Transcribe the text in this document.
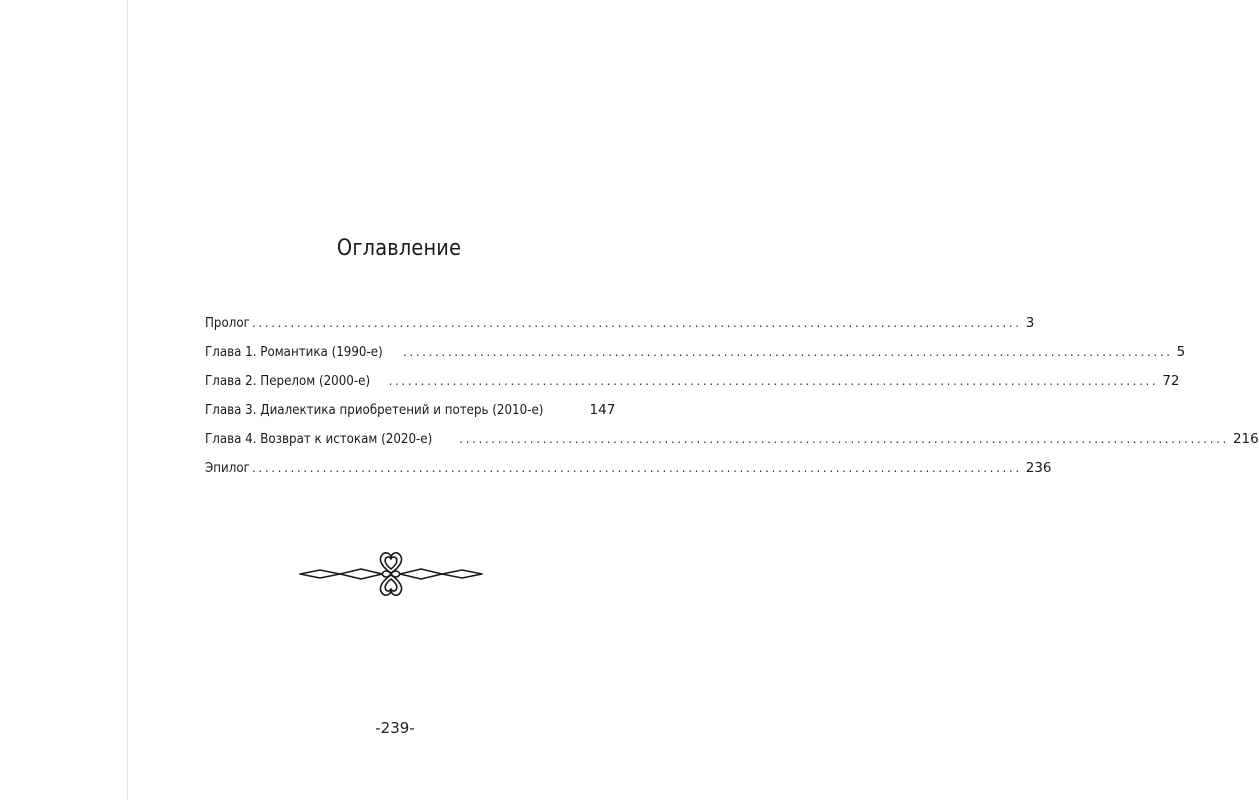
Оглавление
Пролог ........................................................................................................................ 3
Глава 1. Романтика (1990-е) ........................................................................................................................ 5
Глава 2. Перелом (2000-е) ........................................................................................................................ 72
Глава 3. Диалектика приобретений и потерь (2010-е)	147
Глава 4. Возврат к истокам (2020-е) ........................................................................................................................ 216
Эпилог ........................................................................................................................ 236
-239-
